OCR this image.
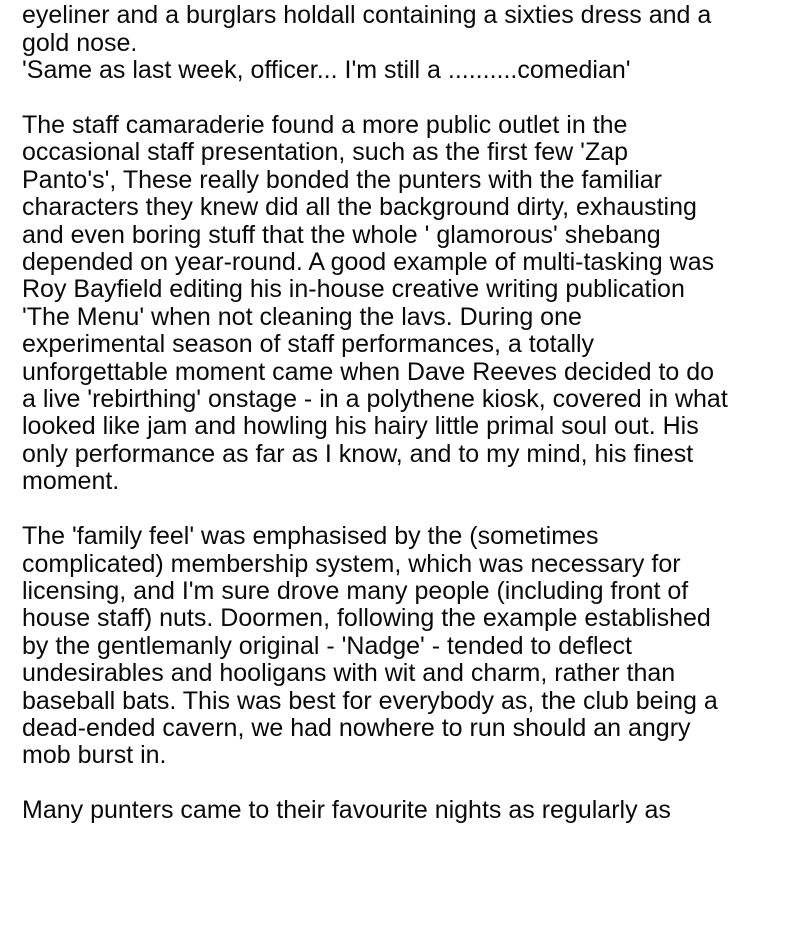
eyeliner and a burglars holdall containing a sixties dress and a
gold nose.
'Same as last week, officer... I'm still a ..........comedian'

The staff camaraderie found a more public outlet in the
occasional staff presentation, such as the first few 'Zap
Panto's', These really bonded the punters with the familiar
characters they knew did all the background dirty, exhausting
and even boring stuff that the whole ' glamorous' shebang
depended on year-round. A good example of multi-tasking was
Roy Bayfield editing his in-house creative writing publication
'The Menu' when not cleaning the lavs. During one
experimental season of staff performances, a totally
unforgettable moment came when Dave Reeves decided to do
a live 'rebirthing' onstage - in a polythene kiosk, covered in what
looked like jam and howling his hairy little primal soul out. His
only performance as far as I know, and to my mind, his finest
moment.

The 'family feel' was emphasised by the (sometimes
complicated) membership system, which was necessary for
licensing, and I'm sure drove many people (including front of
house staff) nuts. Doormen, following the example established
by the gentlemanly original - 'Nadge' - tended to deflect
undesirables and hooligans with wit and charm, rather than
baseball bats. This was best for everybody as, the club being a
dead-ended cavern, we had nowhere to run should an angry
mob burst in.

Many punters came to their favourite nights as regularly as
